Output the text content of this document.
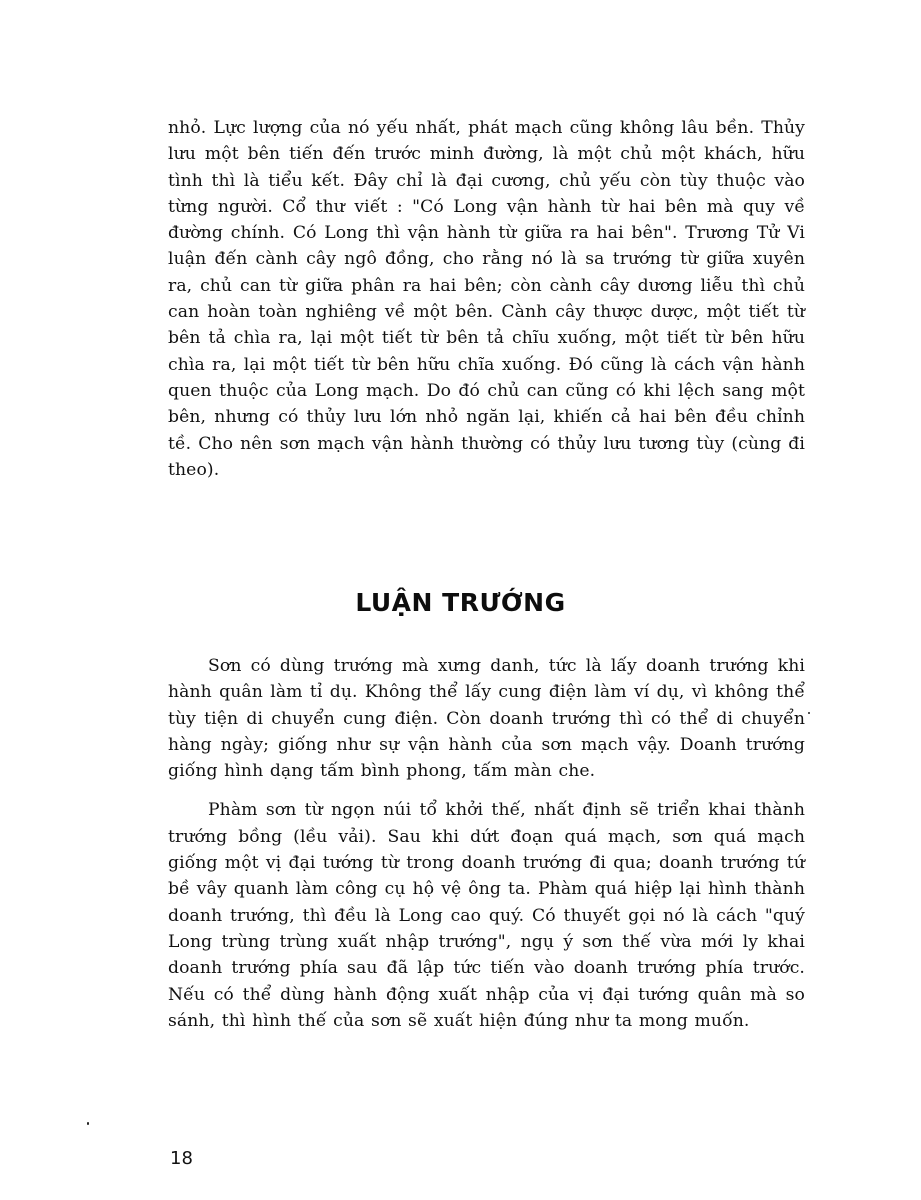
nhỏ. Lực lượng của nó yếu nhất, phát mạch cũng không lâu bền. Thủy lưu một bên tiến đến trước minh đường, là một chủ một khách, hữu tình thì là tiểu kết. Đây chỉ là đại cương, chủ yếu còn tùy thuộc vào từng người. Cổ thư viết : "Có Long vận hành từ hai bên mà quy về đường chính. Có Long thì vận hành từ giữa ra hai bên". Trương Tử Vi luận đến cành cây ngô đồng, cho rằng nó là sa trướng từ giữa xuyên ra, chủ can từ giữa phân ra hai bên; còn cành cây dương liễu thì chủ can hoàn toàn nghiêng về một bên. Cành cây thược dược, một tiết từ bên tả chìa ra, lại một tiết từ bên tả chĩu xuống, một tiết từ bên hữu chìa ra, lại một tiết từ bên hữu chĩa xuống. Đó cũng là cách vận hành quen thuộc của Long mạch. Do đó chủ can cũng có khi lệch sang một bên, nhưng có thủy lưu lớn nhỏ ngăn lại, khiến cả hai bên đều chỉnh tề. Cho nên sơn mạch vận hành thường có thủy lưu tương tùy (cùng đi theo).

LUẬN TRƯỚNG

Sơn có dùng trướng mà xưng danh, tức là lấy doanh trướng khi hành quân làm tỉ dụ. Không thể lấy cung điện làm ví dụ, vì không thể tùy tiện di chuyển cung điện. Còn doanh trướng thì có thể di chuyển hàng ngày; giống như sự vận hành của sơn mạch vậy. Doanh trướng giống hình dạng tấm bình phong, tấm màn che.

Phàm sơn từ ngọn núi tổ khởi thế, nhất định sẽ triển khai thành trướng bồng (lều vải). Sau khi dứt đoạn quá mạch, sơn quá mạch giống một vị đại tướng từ trong doanh trướng đi qua; doanh trướng tứ bề vây quanh làm công cụ hộ vệ ông ta. Phàm quá hiệp lại hình thành doanh trướng, thì đều là Long cao quý. Có thuyết gọi nó là cách "quý Long trùng trùng xuất nhập trướng", ngụ ý sơn thế vừa mới ly khai doanh trướng phía sau đã lập tức tiến vào doanh trướng phía trước. Nếu có thể dùng hành động xuất nhập của vị đại tướng quân mà so sánh, thì hình thế của sơn sẽ xuất hiện đúng như ta mong muốn.

18
